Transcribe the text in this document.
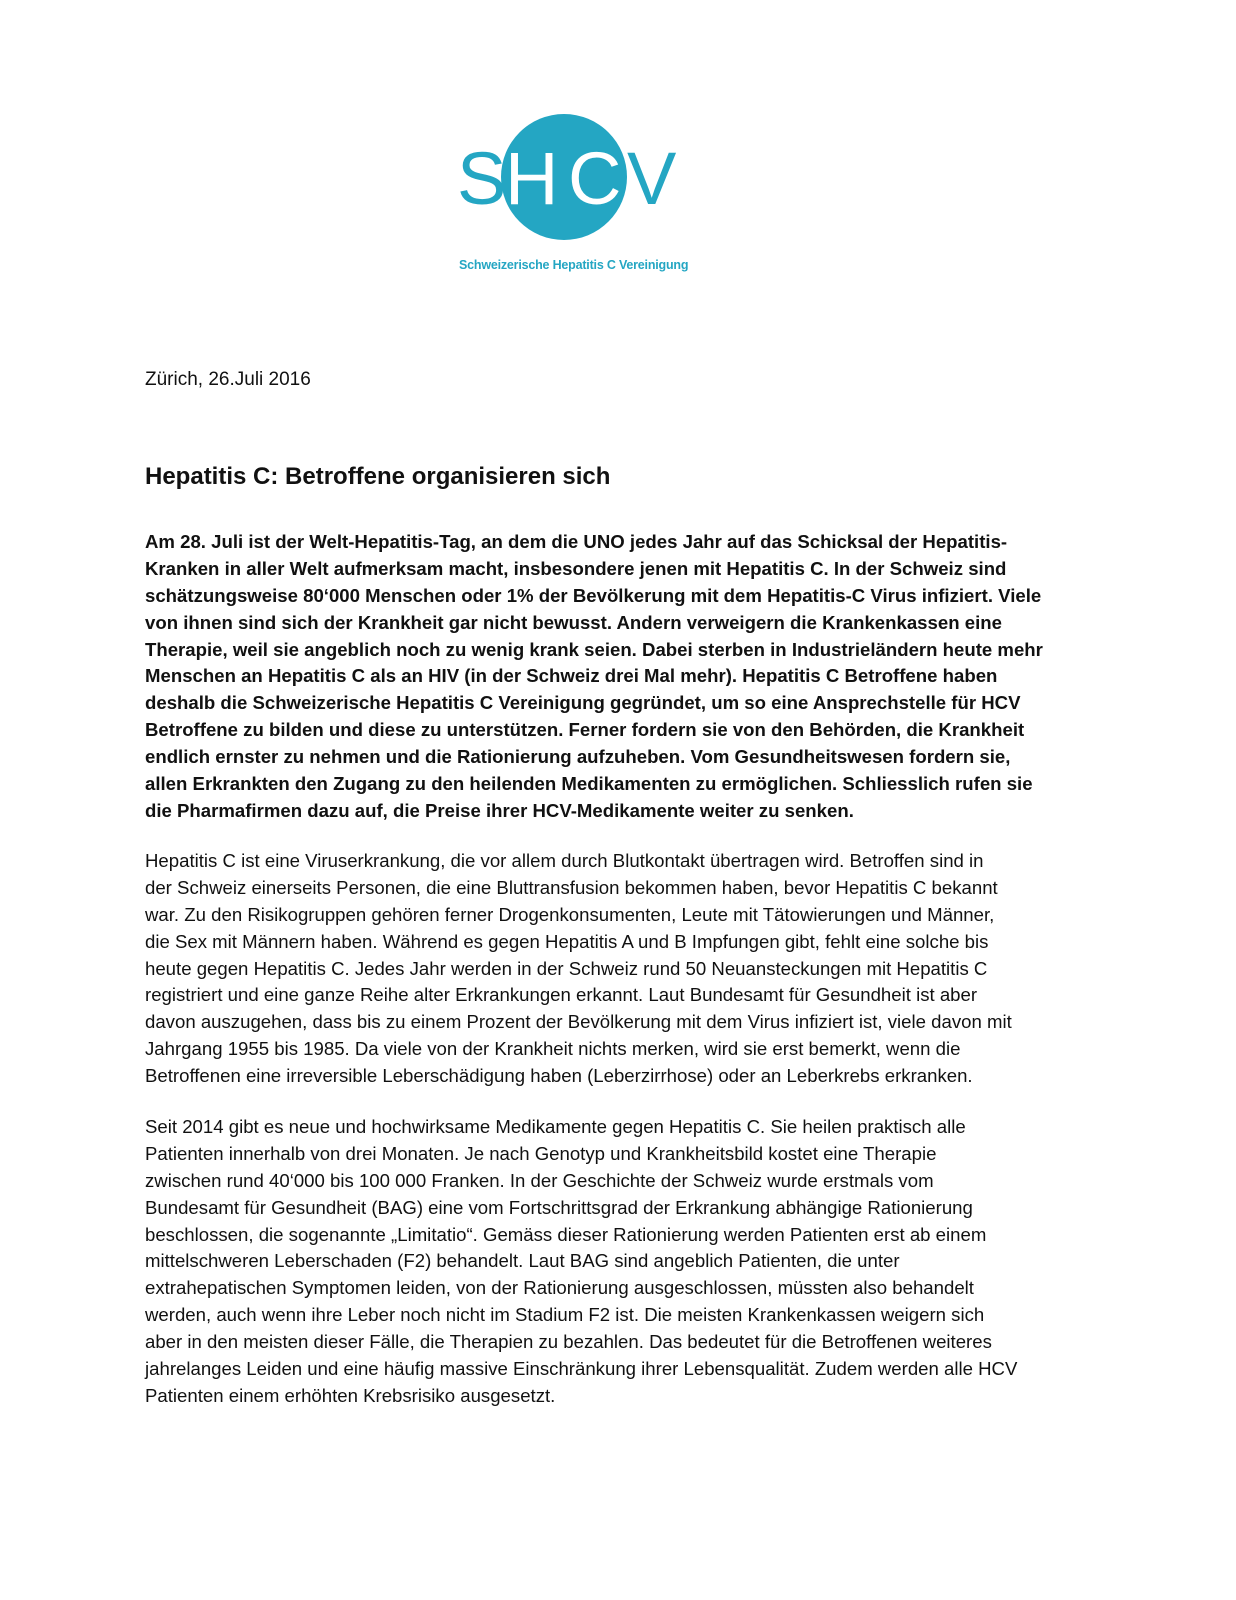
S
H C V
Schweizerische Hepatitis C Vereinigung
Zürich, 26.Juli 2016
Hepatitis C: Betroffene organisieren sich
Am 28. Juli ist der Welt-Hepatitis-Tag, an dem die UNO jedes Jahr auf das Schicksal der Hepatitis-
Kranken in aller Welt aufmerksam macht, insbesondere jenen mit Hepatitis C. In der Schweiz sind
schätzungsweise 80‘000 Menschen oder 1% der Bevölkerung mit dem Hepatitis-C Virus infiziert. Viele
von ihnen sind sich der Krankheit gar nicht bewusst. Andern verweigern die Krankenkassen eine
Therapie, weil sie angeblich noch zu wenig krank seien. Dabei sterben in Industrieländern heute mehr
Menschen an Hepatitis C als an HIV (in der Schweiz drei Mal mehr). Hepatitis C Betroffene haben
deshalb die Schweizerische Hepatitis C Vereinigung gegründet, um so eine Ansprechstelle für HCV
Betroffene zu bilden und diese zu unterstützen. Ferner fordern sie von den Behörden, die Krankheit
endlich ernster zu nehmen und die Rationierung aufzuheben. Vom Gesundheitswesen fordern sie,
allen Erkrankten den Zugang zu den heilenden Medikamenten zu ermöglichen. Schliesslich rufen sie
die Pharmafirmen dazu auf, die Preise ihrer HCV-Medikamente weiter zu senken.
Hepatitis C ist eine Viruserkrankung, die vor allem durch Blutkontakt übertragen wird. Betroffen sind in
der Schweiz einerseits Personen, die eine Bluttransfusion bekommen haben, bevor Hepatitis C bekannt
war. Zu den Risikogruppen gehören ferner Drogenkonsumenten, Leute mit Tätowierungen und Männer,
die Sex mit Männern haben. Während es gegen Hepatitis A und B Impfungen gibt, fehlt eine solche bis
heute gegen Hepatitis C. Jedes Jahr werden in der Schweiz rund 50 Neuansteckungen mit Hepatitis C
registriert und eine ganze Reihe alter Erkrankungen erkannt. Laut Bundesamt für Gesundheit ist aber
davon auszugehen, dass bis zu einem Prozent der Bevölkerung mit dem Virus infiziert ist, viele davon mit
Jahrgang 1955 bis 1985. Da viele von der Krankheit nichts merken, wird sie erst bemerkt, wenn die
Betroffenen eine irreversible Leberschädigung haben (Leberzirrhose) oder an Leberkrebs erkranken.
Seit 2014 gibt es neue und hochwirksame Medikamente gegen Hepatitis C. Sie heilen praktisch alle
Patienten innerhalb von drei Monaten. Je nach Genotyp und Krankheitsbild kostet eine Therapie
zwischen rund 40‘000 bis 100 000 Franken. In der Geschichte der Schweiz wurde erstmals vom
Bundesamt für Gesundheit (BAG) eine vom Fortschrittsgrad der Erkrankung abhängige Rationierung
beschlossen, die sogenannte „Limitatio“. Gemäss dieser Rationierung werden Patienten erst ab einem
mittelschweren Leberschaden (F2) behandelt. Laut BAG sind angeblich Patienten, die unter
extrahepatischen Symptomen leiden, von der Rationierung ausgeschlossen, müssten also behandelt
werden, auch wenn ihre Leber noch nicht im Stadium F2 ist. Die meisten Krankenkassen weigern sich
aber in den meisten dieser Fälle, die Therapien zu bezahlen. Das bedeutet für die Betroffenen weiteres
jahrelanges Leiden und eine häufig massive Einschränkung ihrer Lebensqualität. Zudem werden alle HCV
Patienten einem erhöhten Krebsrisiko ausgesetzt.
